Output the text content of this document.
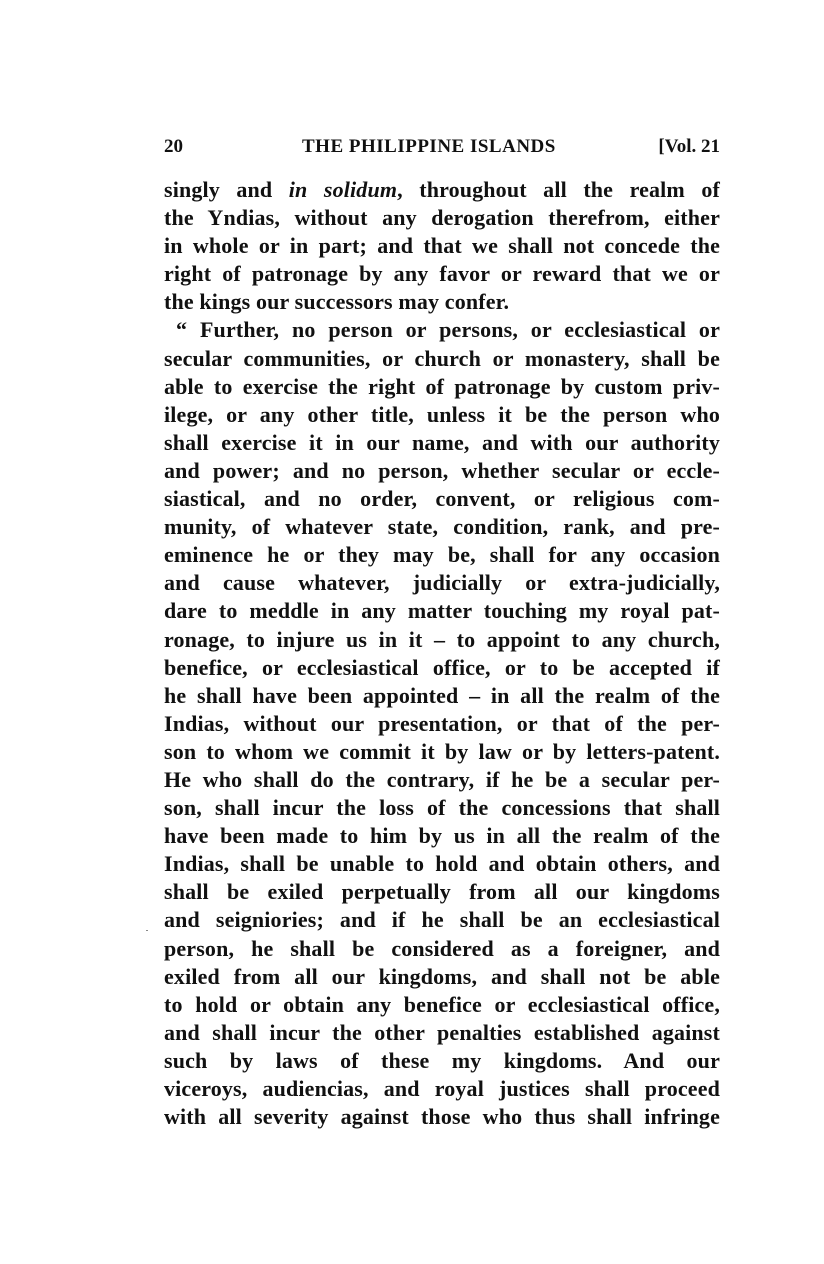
20	THE PHILIPPINE ISLANDS	[Vol. 21
singly and in solidum, throughout all the realm of
the Yndias, without any derogation therefrom, either
in whole or in part; and that we shall not concede the
right of patronage by any favor or reward that we or
the kings our successors may confer.
“ Further, no person or persons, or ecclesiastical or
secular communities, or church or monastery, shall be
able to exercise the right of patronage by custom priv-
ilege, or any other title, unless it be the person who
shall exercise it in our name, and with our authority
and power; and no person, whether secular or eccle-
siastical, and no order, convent, or religious com-
munity, of whatever state, condition, rank, and pre-
eminence he or they may be, shall for any occasion
and cause whatever, judicially or extra-judicially,
dare to meddle in any matter touching my royal pat-
ronage, to injure us in it – to appoint to any church,
benefice, or ecclesiastical office, or to be accepted if
he shall have been appointed – in all the realm of the
Indias, without our presentation, or that of the per-
son to whom we commit it by law or by letters-patent.
He who shall do the contrary, if he be a secular per-
son, shall incur the loss of the concessions that shall
have been made to him by us in all the realm of the
Indias, shall be unable to hold and obtain others, and
shall be exiled perpetually from all our kingdoms
and seigniories; and if he shall be an ecclesiastical
person, he shall be considered as a foreigner, and
exiled from all our kingdoms, and shall not be able
to hold or obtain any benefice or ecclesiastical office,
and shall incur the other penalties established against
such by laws of these my kingdoms. And our
viceroys, audiencias, and royal justices shall proceed
with all severity against those who thus shall infringe
